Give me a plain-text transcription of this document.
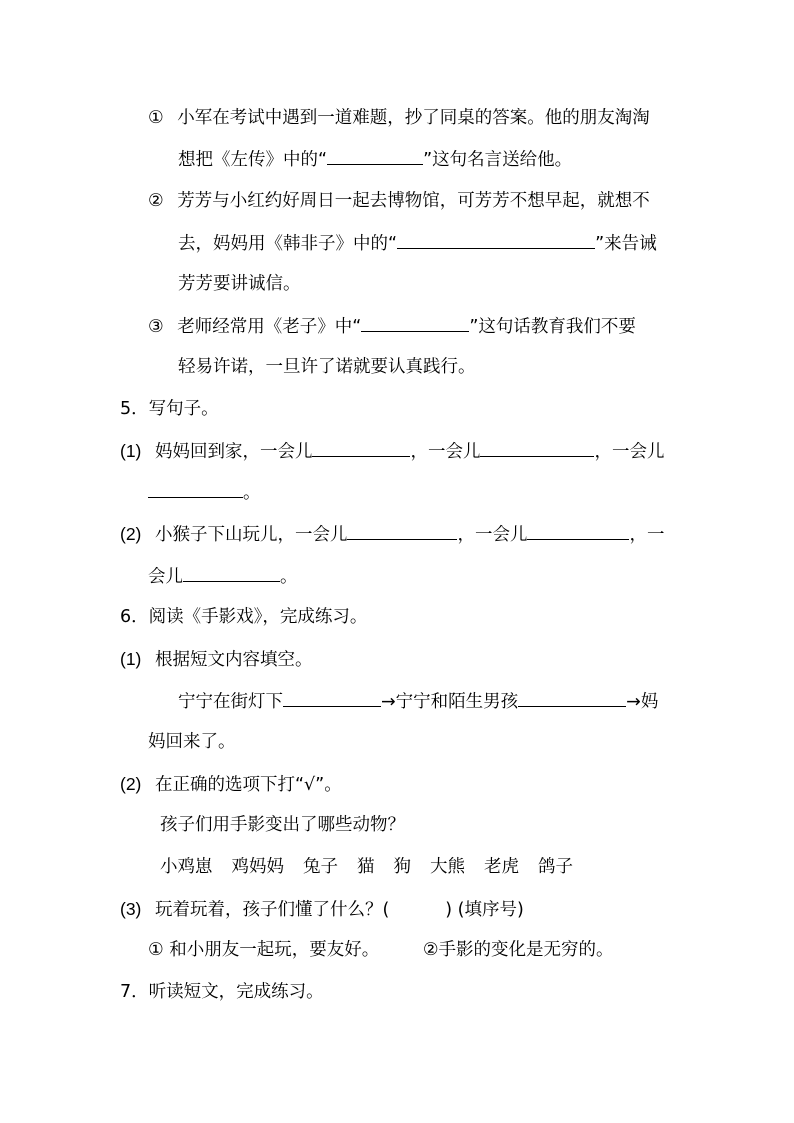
① 小军在考试中遇到一道难题，抄了同桌的答案。他的朋友淘淘
想把《左传》中的“	”这句名言送给他。
② 芳芳与小红约好周日一起去博物馆，可芳芳不想早起，就想不
去，妈妈用《韩非子》中的“	”来告诫
芳芳要讲诚信。
③ 老师经常用《老子》中“	”这句话教育我们不要
轻易许诺，一旦许了诺就要认真践行。
5．写句子。
(1) 妈妈回到家，一会儿	，一会儿	，一会儿
。
(2) 小猴子下山玩儿，一会儿	，一会儿	，一
会儿	。
6．阅读《手影戏》，完成练习。
(1) 根据短文内容填空。
宁宁在街灯下	→宁宁和陌生男孩	→妈
妈回来了。
(2) 在正确的选项下打“√”。
孩子们用手影变出了哪些动物？
小鸡崽 鸡妈妈 兔子 猫 狗 大熊 老虎 鸽子
(3) 玩着玩着，孩子们懂了什么？(	) (填序号)
① 和小朋友一起玩，要友好。 ②手影的变化是无穷的。
7．听读短文，完成练习。
